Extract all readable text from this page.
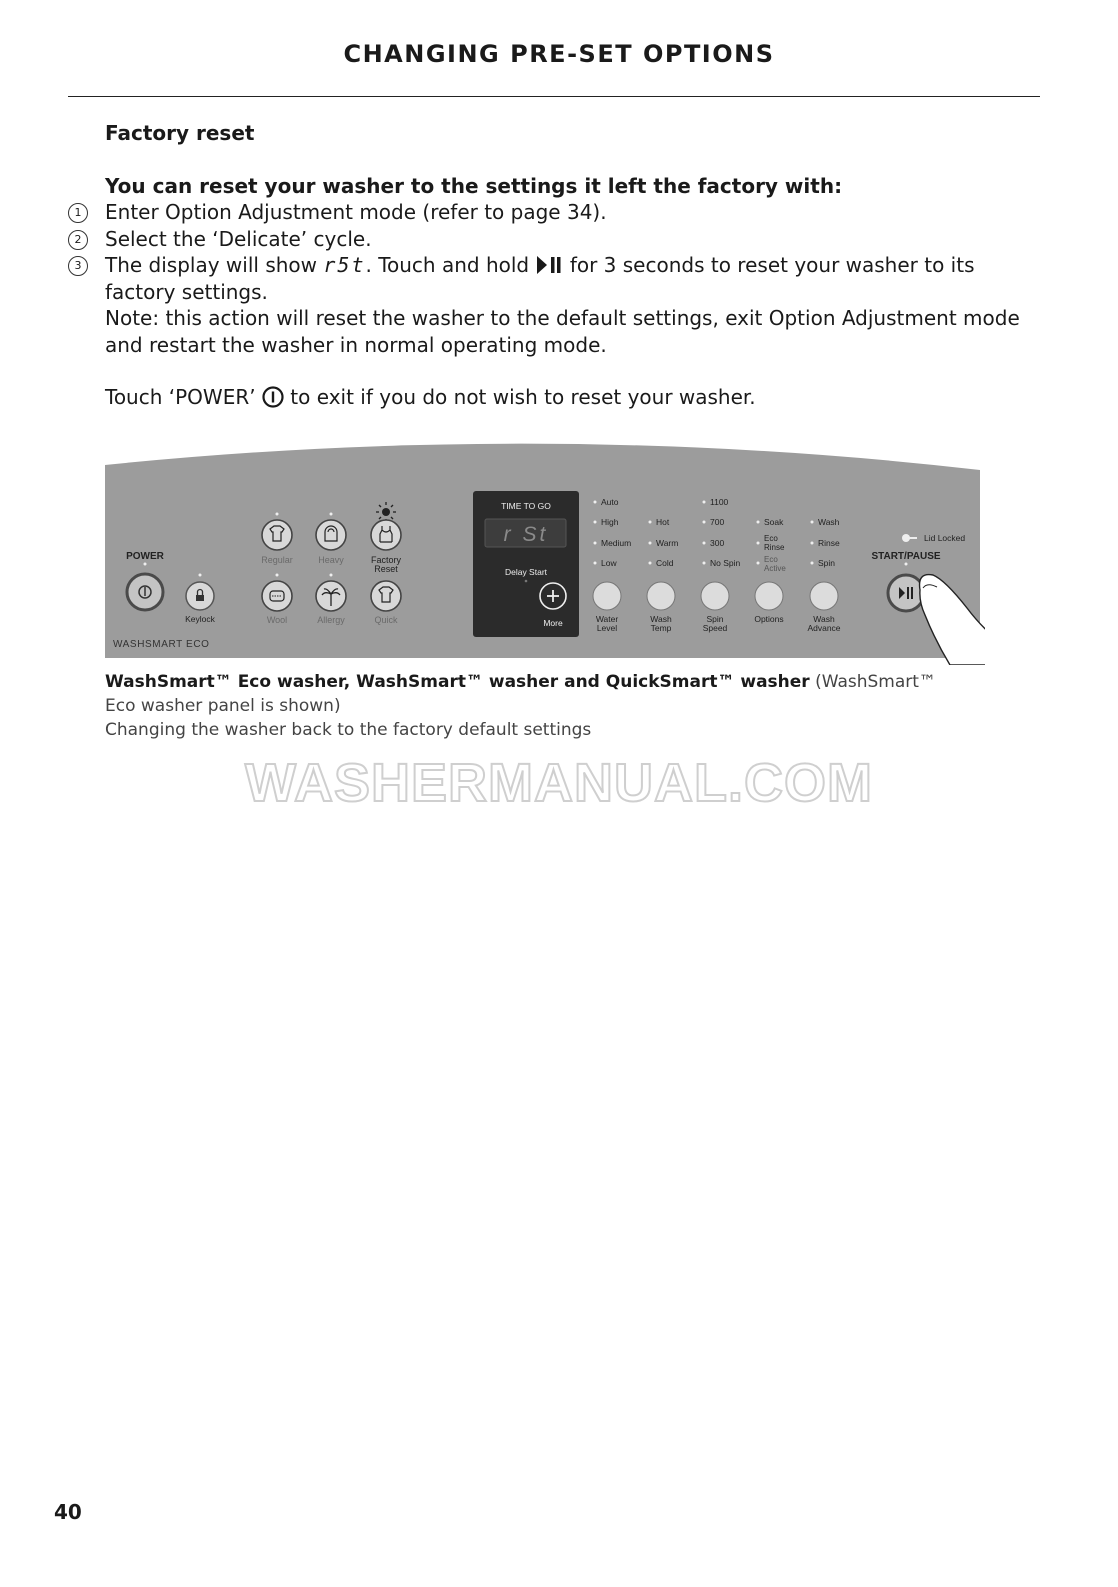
CHANGING PRE-SET OPTIONS

Factory reset

You can reset your washer to the settings it left the factory with:

1	Enter Option Adjustment mode (refer to page 34).

2	Select the ‘Delicate’ cycle.

3	The display will show r5t. Touch and hold  for 3 seconds to reset your washer to its factory settings.

Note: this action will reset the washer to the default settings, exit Option Adjustment mode and restart the washer in normal operating mode.

Touch ‘POWER’  to exit if you do not wish to reset your washer.

POWER
Keylock
WASHSMART ECO
Regular	Heavy	Factory
Reset
Wool	Allergy	Quick
TIME TO GO
r St
Delay Start
More
Auto
High
Medium
Low
Hot
Warm
Cold
1100
700
300
No Spin
Soak
Eco
Rinse
Eco
Active
Wash
Rinse
Spin
Water
Level
Wash
Temp
Spin
Speed
Options	Wash
Advance
Lid Locked
START/PAUSE
WashSmart™ Eco washer, WashSmart™ washer and QuickSmart™ washer (WashSmart™ Eco washer panel is shown)
Changing the washer back to the factory default settings
WASHERMANUAL.COM
40
